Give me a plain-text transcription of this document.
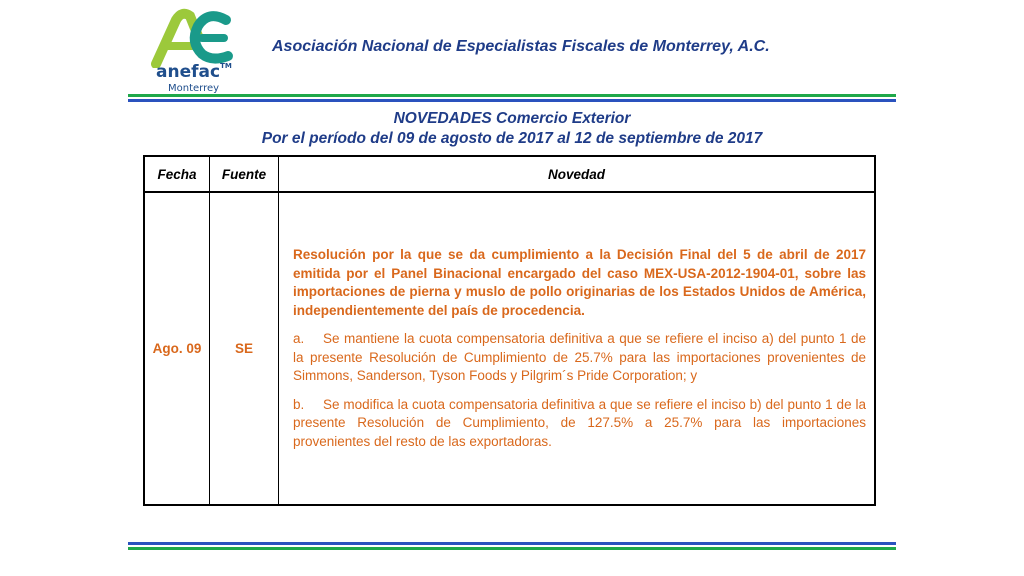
anefac™
Monterrey
Asociación Nacional de Especialistas Fiscales de Monterrey, A.C.
NOVEDADES Comercio Exterior
Por el período del 09 de agosto de 2017 al 12 de septiembre de 2017
Fecha	Fuente	Novedad
Ago. 09	SE	Resolución por la que se da cumplimiento a la Decisión Final del 5 de abril de 2017 emitida por el Panel Binacional encargado del caso MEX-USA-2012-1904-01, sobre las importaciones de pierna y muslo de pollo originarias de los Estados Unidos de América, independientemente del país de procedencia.

a. Se mantiene la cuota compensatoria definitiva a que se refiere el inciso a) del punto 1 de la presente Resolución de Cumplimiento de 25.7% para las importaciones provenientes de Simmons, Sanderson, Tyson Foods y Pilgrim´s Pride Corporation; y

b. Se modifica la cuota compensatoria definitiva a que se refiere el inciso b) del punto 1 de la presente Resolución de Cumplimiento, de 127.5% a 25.7% para las importaciones provenientes del resto de las exportadoras.
